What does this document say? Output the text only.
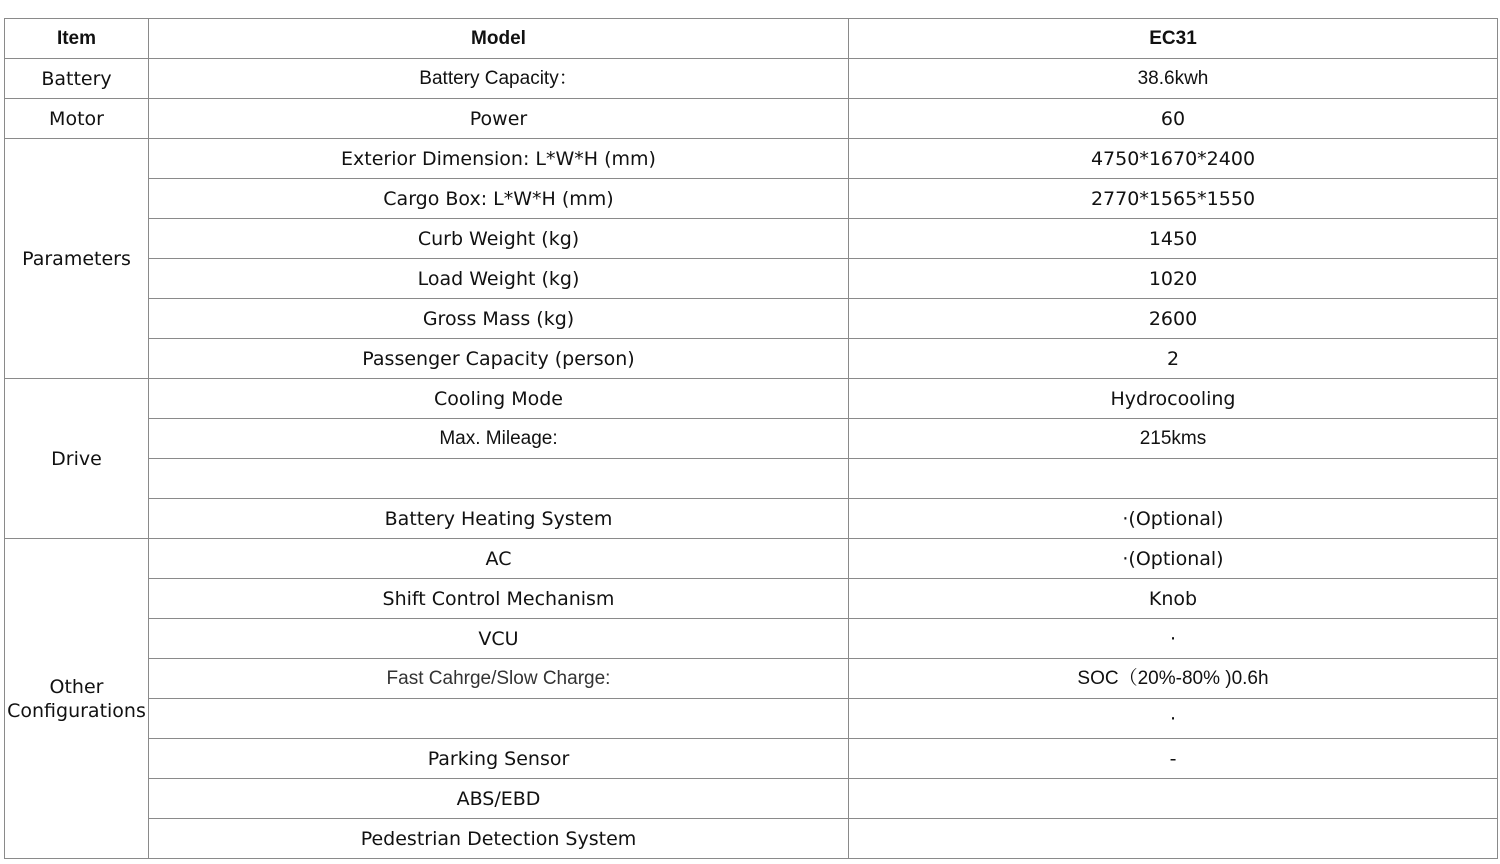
Item	Model	EC31
Battery	Battery Capacity：	38.6kwh
Motor	Power	60
Parameters	Exterior Dimension: L*W*H (mm)	4750*1670*2400
	Cargo Box: L*W*H (mm)	2770*1565*1550
	Curb Weight (kg)	1450
	Load Weight (kg)	1020
	Gross Mass (kg)	2600
	Passenger Capacity (person)	2
Drive	Cooling Mode	Hydrocooling
	Max. Mileage:	215kms

	Battery Heating System	·(Optional)
Other Configurations	AC	·(Optional)
	Shift Control Mechanism	Knob
	VCU	·
	Fast Cahrge/Slow Charge:	SOC（20%-80% )0.6h
		·
	Parking Sensor	-
	ABS/EBD	
	Pedestrian Detection System	
